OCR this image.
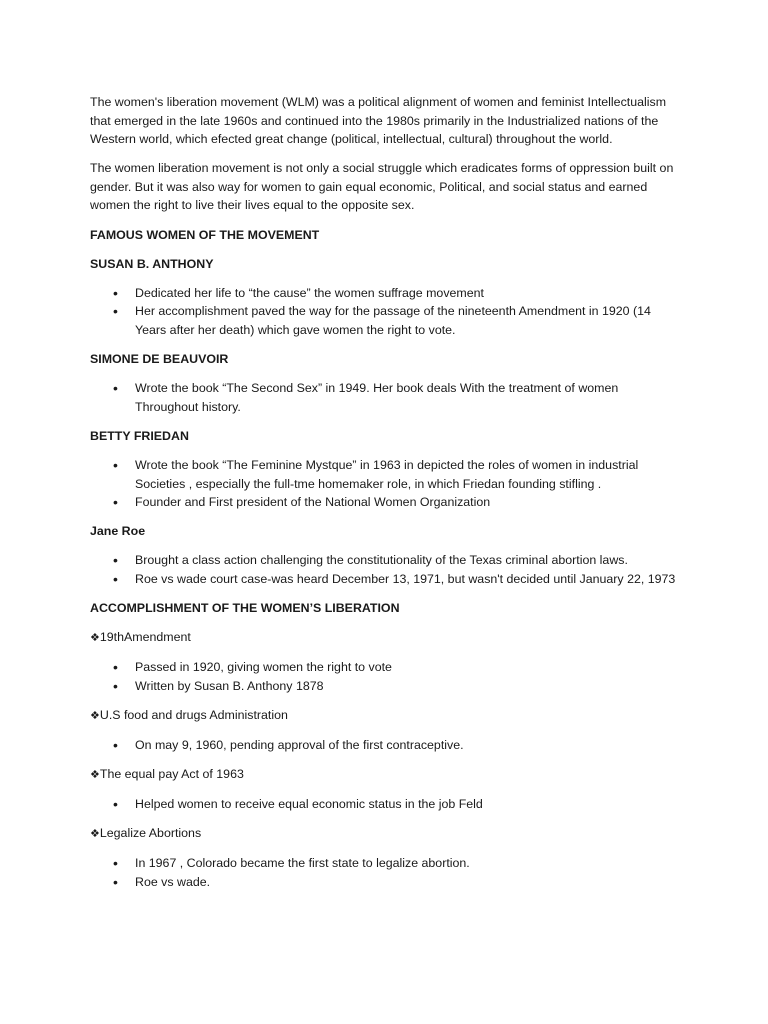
The women's liberation movement (WLM) was a political alignment of women and feminist Intellectualism that emerged in the late 1960s and continued into the 1980s primarily in the Industrialized nations of the Western world, which efected great change (political, intellectual, cultural) throughout the world.

The women liberation movement is not only a social struggle which eradicates forms of oppression built on gender. But it was also way for women to gain equal economic, Political, and social status and earned women the right to live their lives equal to the opposite sex.

FAMOUS WOMEN OF THE MOVEMENT
SUSAN B. ANTHONY
• Dedicated her life to “the cause” the women suffrage movement
• Her accomplishment paved the way for the passage of the nineteenth Amendment in 1920 (14 Years after her death) which gave women the right to vote.
SIMONE DE BEAUVOIR
• Wrote the book “The Second Sex” in 1949. Her book deals With the treatment of women Throughout history.
BETTY FRIEDAN
• Wrote the book “The Feminine Mystque” in 1963 in depicted the roles of women in industrial Societies , especially the full-tme homemaker role, in which Friedan founding stifling .
• Founder and First president of the National Women Organization
Jane Roe
• Brought a class action challenging the constitutionality of the Texas criminal abortion laws.
• Roe vs wade court case-was heard December 13, 1971, but wasn't decided until January 22, 1973
ACCOMPLISHMENT OF THE WOMEN’S LIBERATION
❖19thAmendment
• Passed in 1920, giving women the right to vote
• Written by Susan B. Anthony 1878
❖U.S food and drugs Administration
• On may 9, 1960, pending approval of the first contraceptive.
❖The equal pay Act of 1963
• Helped women to receive equal economic status in the job Feld
❖Legalize Abortions
• In 1967 , Colorado became the first state to legalize abortion.
• Roe vs wade.
